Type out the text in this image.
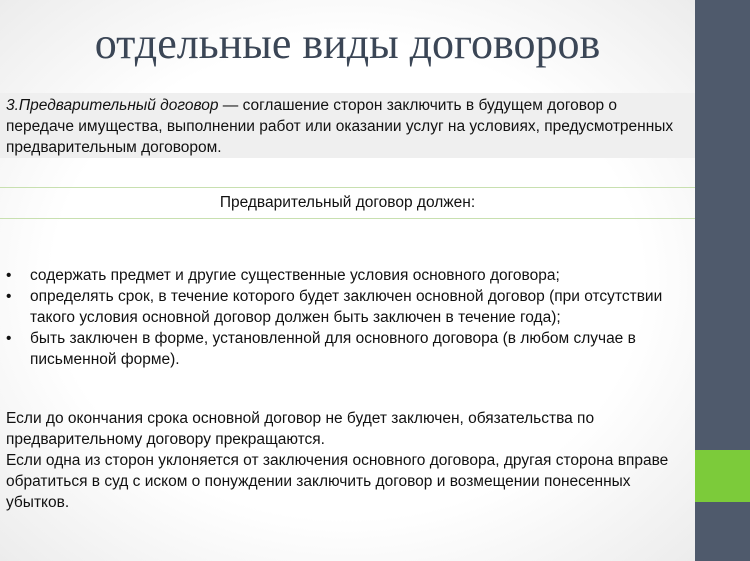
отдельные виды договоров
3.Предварительный договор — соглашение сторон заключить в будущем договор о передаче имущества, выполнении работ или оказании услуг на условиях, предусмотренных предварительным договором.
Предварительный договор должен:
• содержать предмет и другие существенные условия основного договора;
• определять срок, в течение которого будет заключен основной договор (при отсутствии такого условия основной договор должен быть заключен в течение года);
• быть заключен в форме, установленной для основного договора (в любом случае в письменной форме).

Если до окончания срока основной договор не будет заключен, обязательства по предварительному договору прекращаются.

Если одна из сторон уклоняется от заключения основного договора, другая сторона вправе обратиться в суд с иском о понуждении заключить договор и возмещении понесенных убытков.
